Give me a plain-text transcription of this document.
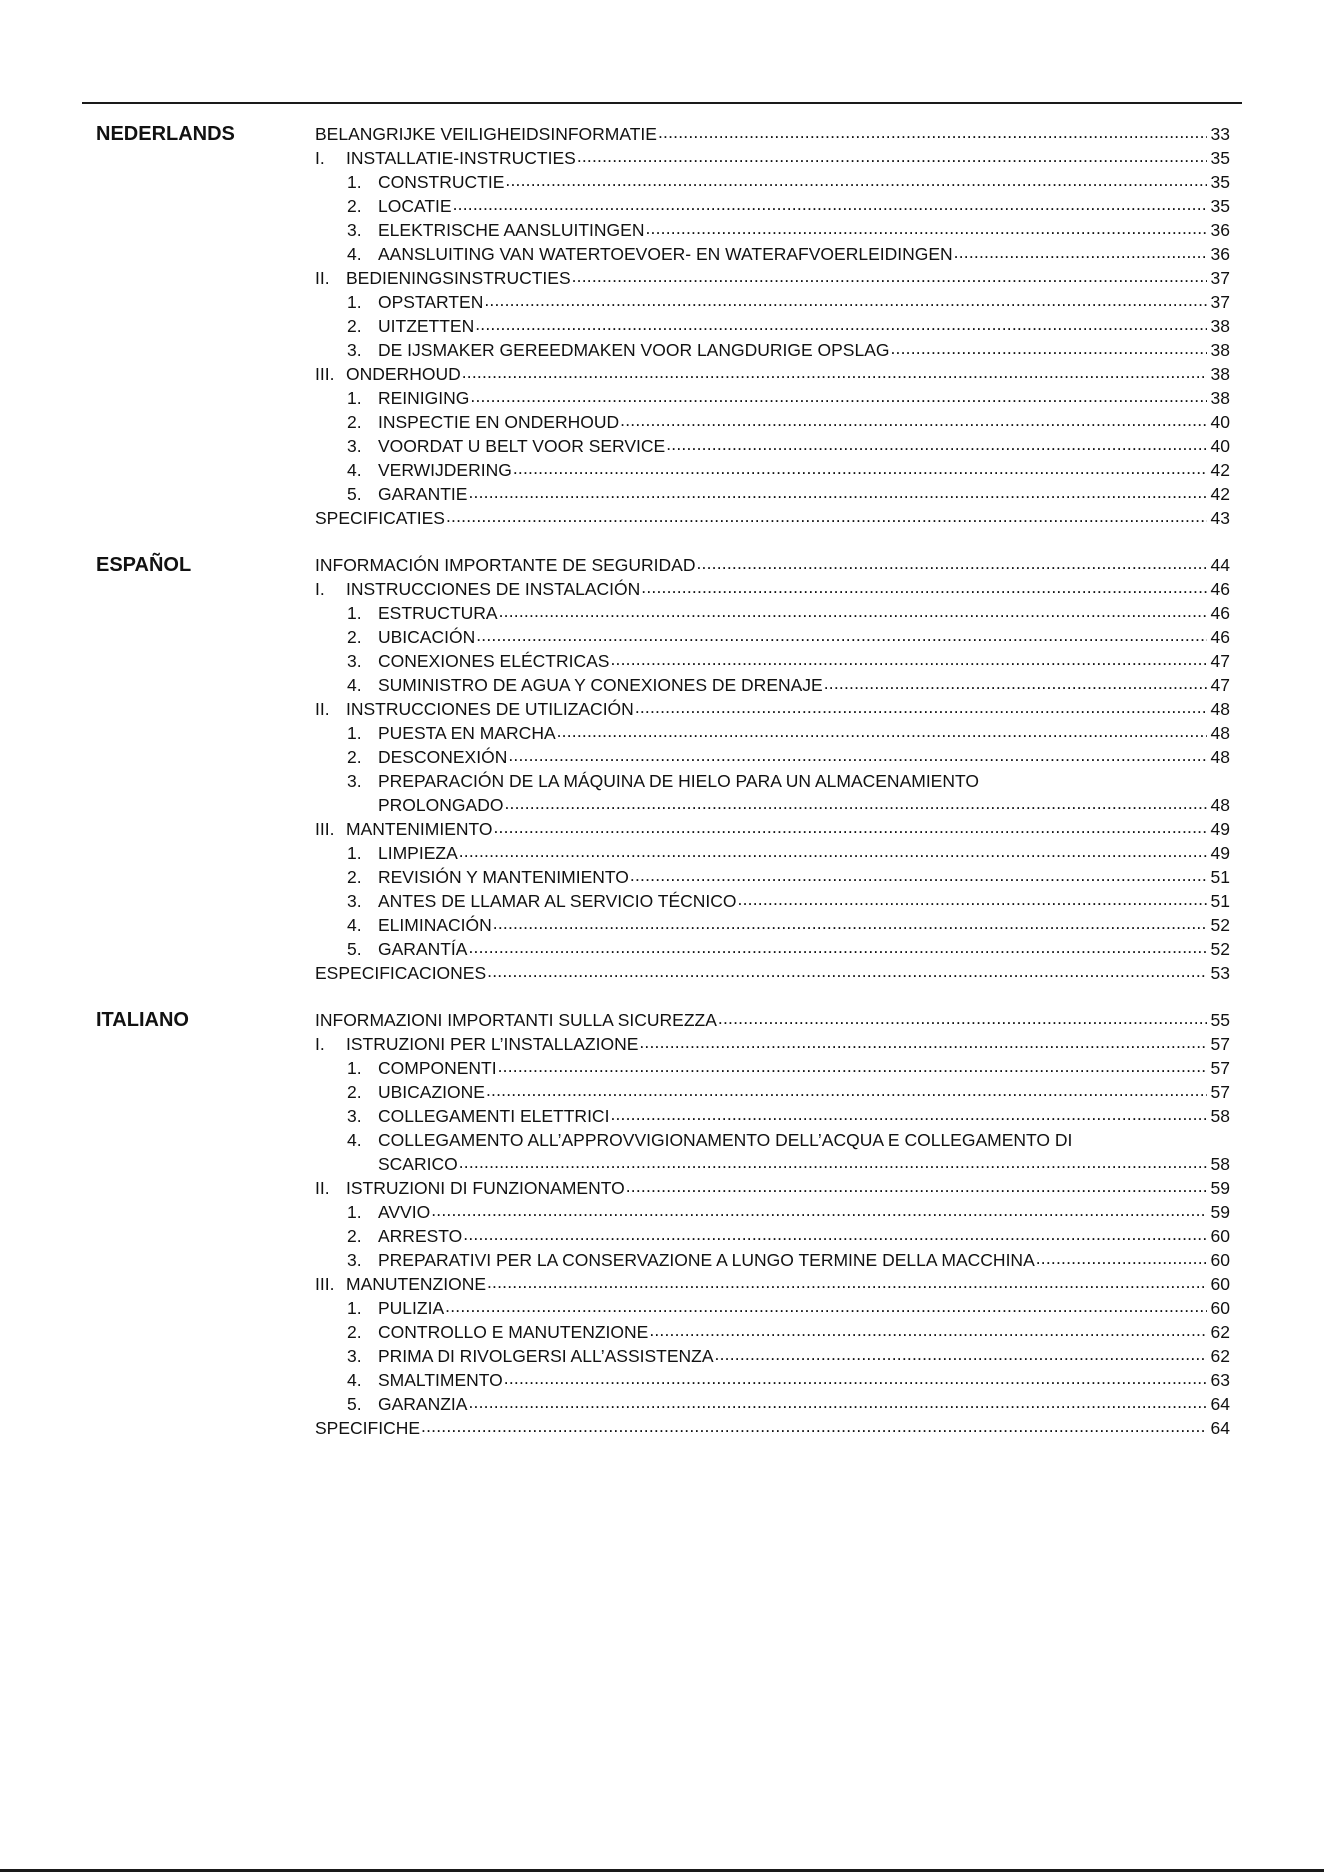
NEDERLANDS	BELANGRIJKE VEILIGHEIDSINFORMATIE .....	33
I.	INSTALLATIE-INSTRUCTIES .....	35
1. CONSTRUCTIE .....	35
2. LOCATIE .....	35
3. ELEKTRISCHE AANSLUITINGEN .....	36
4. AANSLUITING VAN WATERTOEVOER- EN WATERAFVOERLEIDINGEN .....	36
II. BEDIENINGSINSTRUCTIES .....	37
1. OPSTARTEN .....	37
2. UITZETTEN .....	38
3. DE IJSMAKER GEREEDMAKEN VOOR LANGDURIGE OPSLAG .....	38
III. ONDERHOUD .....	38
1. REINIGING .....	38
2. INSPECTIE EN ONDERHOUD .....	40
3. VOORDAT U BELT VOOR SERVICE .....	40
4. VERWIJDERING .....	42
5. GARANTIE .....	42
SPECIFICATIES .....	43
ESPAÑOL	INFORMACIÓN IMPORTANTE DE SEGURIDAD .....	44
I.	INSTRUCCIONES DE INSTALACIÓN .....	46
1. ESTRUCTURA .....	46
2. UBICACIÓN .....	46
3. CONEXIONES ELÉCTRICAS .....	47
4. SUMINISTRO DE AGUA Y CONEXIONES DE DRENAJE .....	47
II. INSTRUCCIONES DE UTILIZACIÓN .....	48
1. PUESTA EN MARCHA .....	48
2. DESCONEXIÓN .....	48
3. PREPARACIÓN DE LA MÁQUINA DE HIELO PARA UN ALMACENAMIENTO
PROLONGADO .....	48
III. MANTENIMIENTO .....	49
1. LIMPIEZA .....	49
2. REVISIÓN Y MANTENIMIENTO .....	51
3. ANTES DE LLAMAR AL SERVICIO TÉCNICO .....	51
4. ELIMINACIÓN .....	52
5. GARANTÍA .....	52
ESPECIFICACIONES .....	53
ITALIANO	INFORMAZIONI IMPORTANTI SULLA SICUREZZA .....	55
I.	ISTRUZIONI PER L’INSTALLAZIONE .....	57
1. COMPONENTI .....	57
2. UBICAZIONE .....	57
3. COLLEGAMENTI ELETTRICI .....	58
4. COLLEGAMENTO ALL’APPROVVIGIONAMENTO DELL’ACQUA E COLLEGAMENTO DI
SCARICO .....	58
II. ISTRUZIONI DI FUNZIONAMENTO .....	59
1. AVVIO .....	59
2. ARRESTO .....	60
3. PREPARATIVI PER LA CONSERVAZIONE A LUNGO TERMINE DELLA MACCHINA .....	60
III. MANUTENZIONE .....	60
1. PULIZIA .....	60
2. CONTROLLO E MANUTENZIONE .....	62
3. PRIMA DI RIVOLGERSI ALL’ASSISTENZA .....	62
4. SMALTIMENTO .....	63
5. GARANZIA .....	64
SPECIFICHE .....	64
